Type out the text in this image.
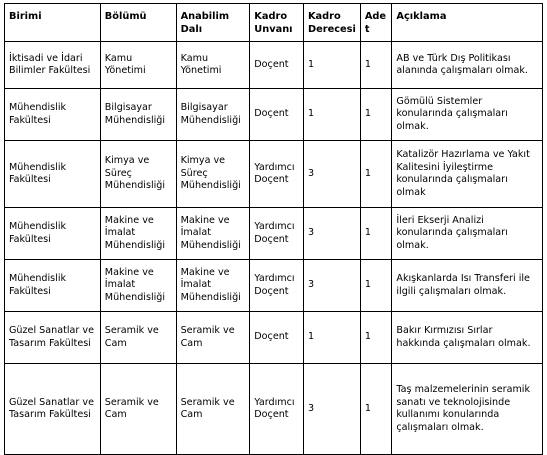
Birimi	Bölümü	Anabilim Dalı	Kadro Unvanı	Kadro Derecesi	Adet	Açıklama
İktisadi ve İdari Bilimler Fakültesi	Kamu Yönetimi	Kamu Yönetimi	Doçent	1	1	AB ve Türk Dış Politikası alanında çalışmaları olmak.
Mühendislik Fakültesi	Bilgisayar Mühendisliği	Bilgisayar Mühendisliği	Doçent	1	1	Gömülü Sistemler konularında çalışmaları olmak.
Mühendislik Fakültesi	Kimya ve Süreç Mühendisliği	Kimya ve Süreç Mühendisliği	Yardımcı Doçent	3	1	Katalizör Hazırlama ve Yakıt Kalitesini İyileştirme konularında çalışmaları olmak
Mühendislik Fakültesi	Makine ve İmalat Mühendisliği	Makine ve İmalat Mühendisliği	Yardımcı Doçent	3	1	İleri Ekserji Analizi konularında çalışmaları olmak.
Mühendislik Fakültesi	Makine ve İmalat Mühendisliği	Makine ve İmalat Mühendisliği	Yardımcı Doçent	3	1	Akışkanlarda Isı Transferi ile ilgili çalışmaları olmak.
Güzel Sanatlar ve Tasarım Fakültesi	Seramik ve Cam	Seramik ve Cam	Doçent	1	1	Bakır Kırmızısı Sırlar hakkında çalışmaları olmak.
Güzel Sanatlar ve Tasarım Fakültesi	Seramik ve Cam	Seramik ve Cam	Yardımcı Doçent	3	1	Taş malzemelerinin seramik sanatı ve teknolojisinde kullanımı konularında çalışmaları olmak.
